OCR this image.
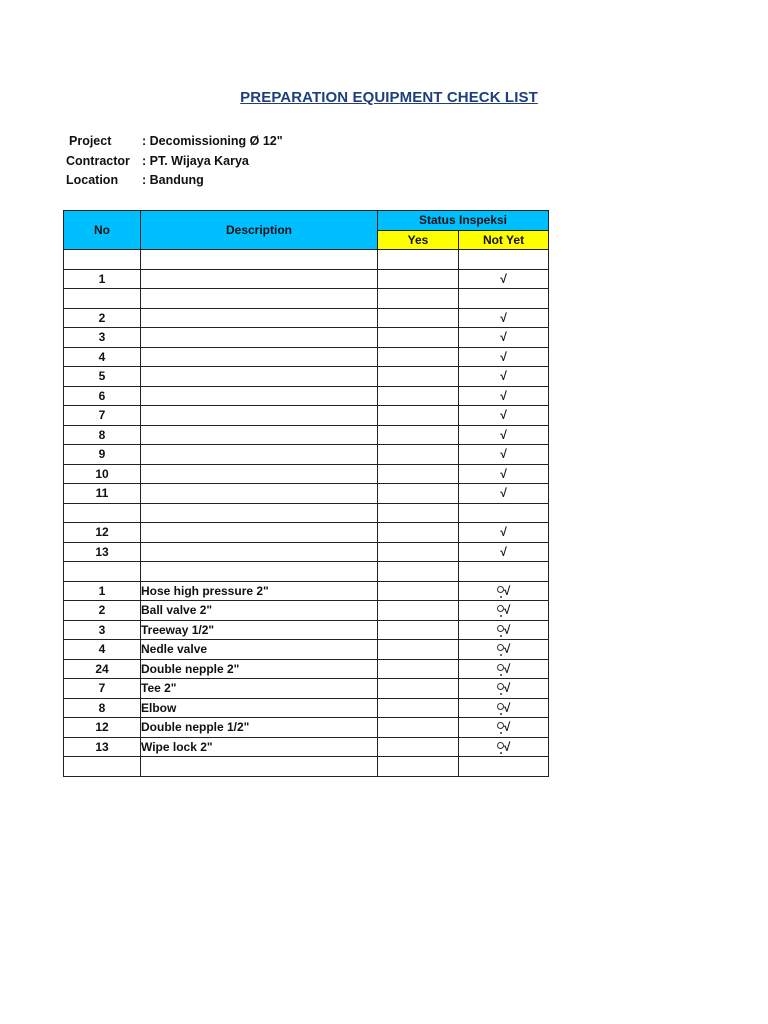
PREPARATION EQUIPMENT CHECK LIST
Project	: Decomissioning Ø 12"
Contractor : PT. Wijaya Karya
Location	: Bandung
No	Description	Status Inspeksi	
		Yes	Not Yet

1			√

2			√
3			√
4			√
5			√
6			√
7			√
8			√
9			√
10			√
11			√

12			√
13			√

1	Hose high pressure 2"		√
2	Ball valve 2"		√
3	Treeway 1/2"		√
4	Nedle valve		√
24	Double nepple 2"		√
7	Tee 2"		√
8	Elbow		√
12	Double nepple 1/2"		√
13	Wipe lock 2"		√
